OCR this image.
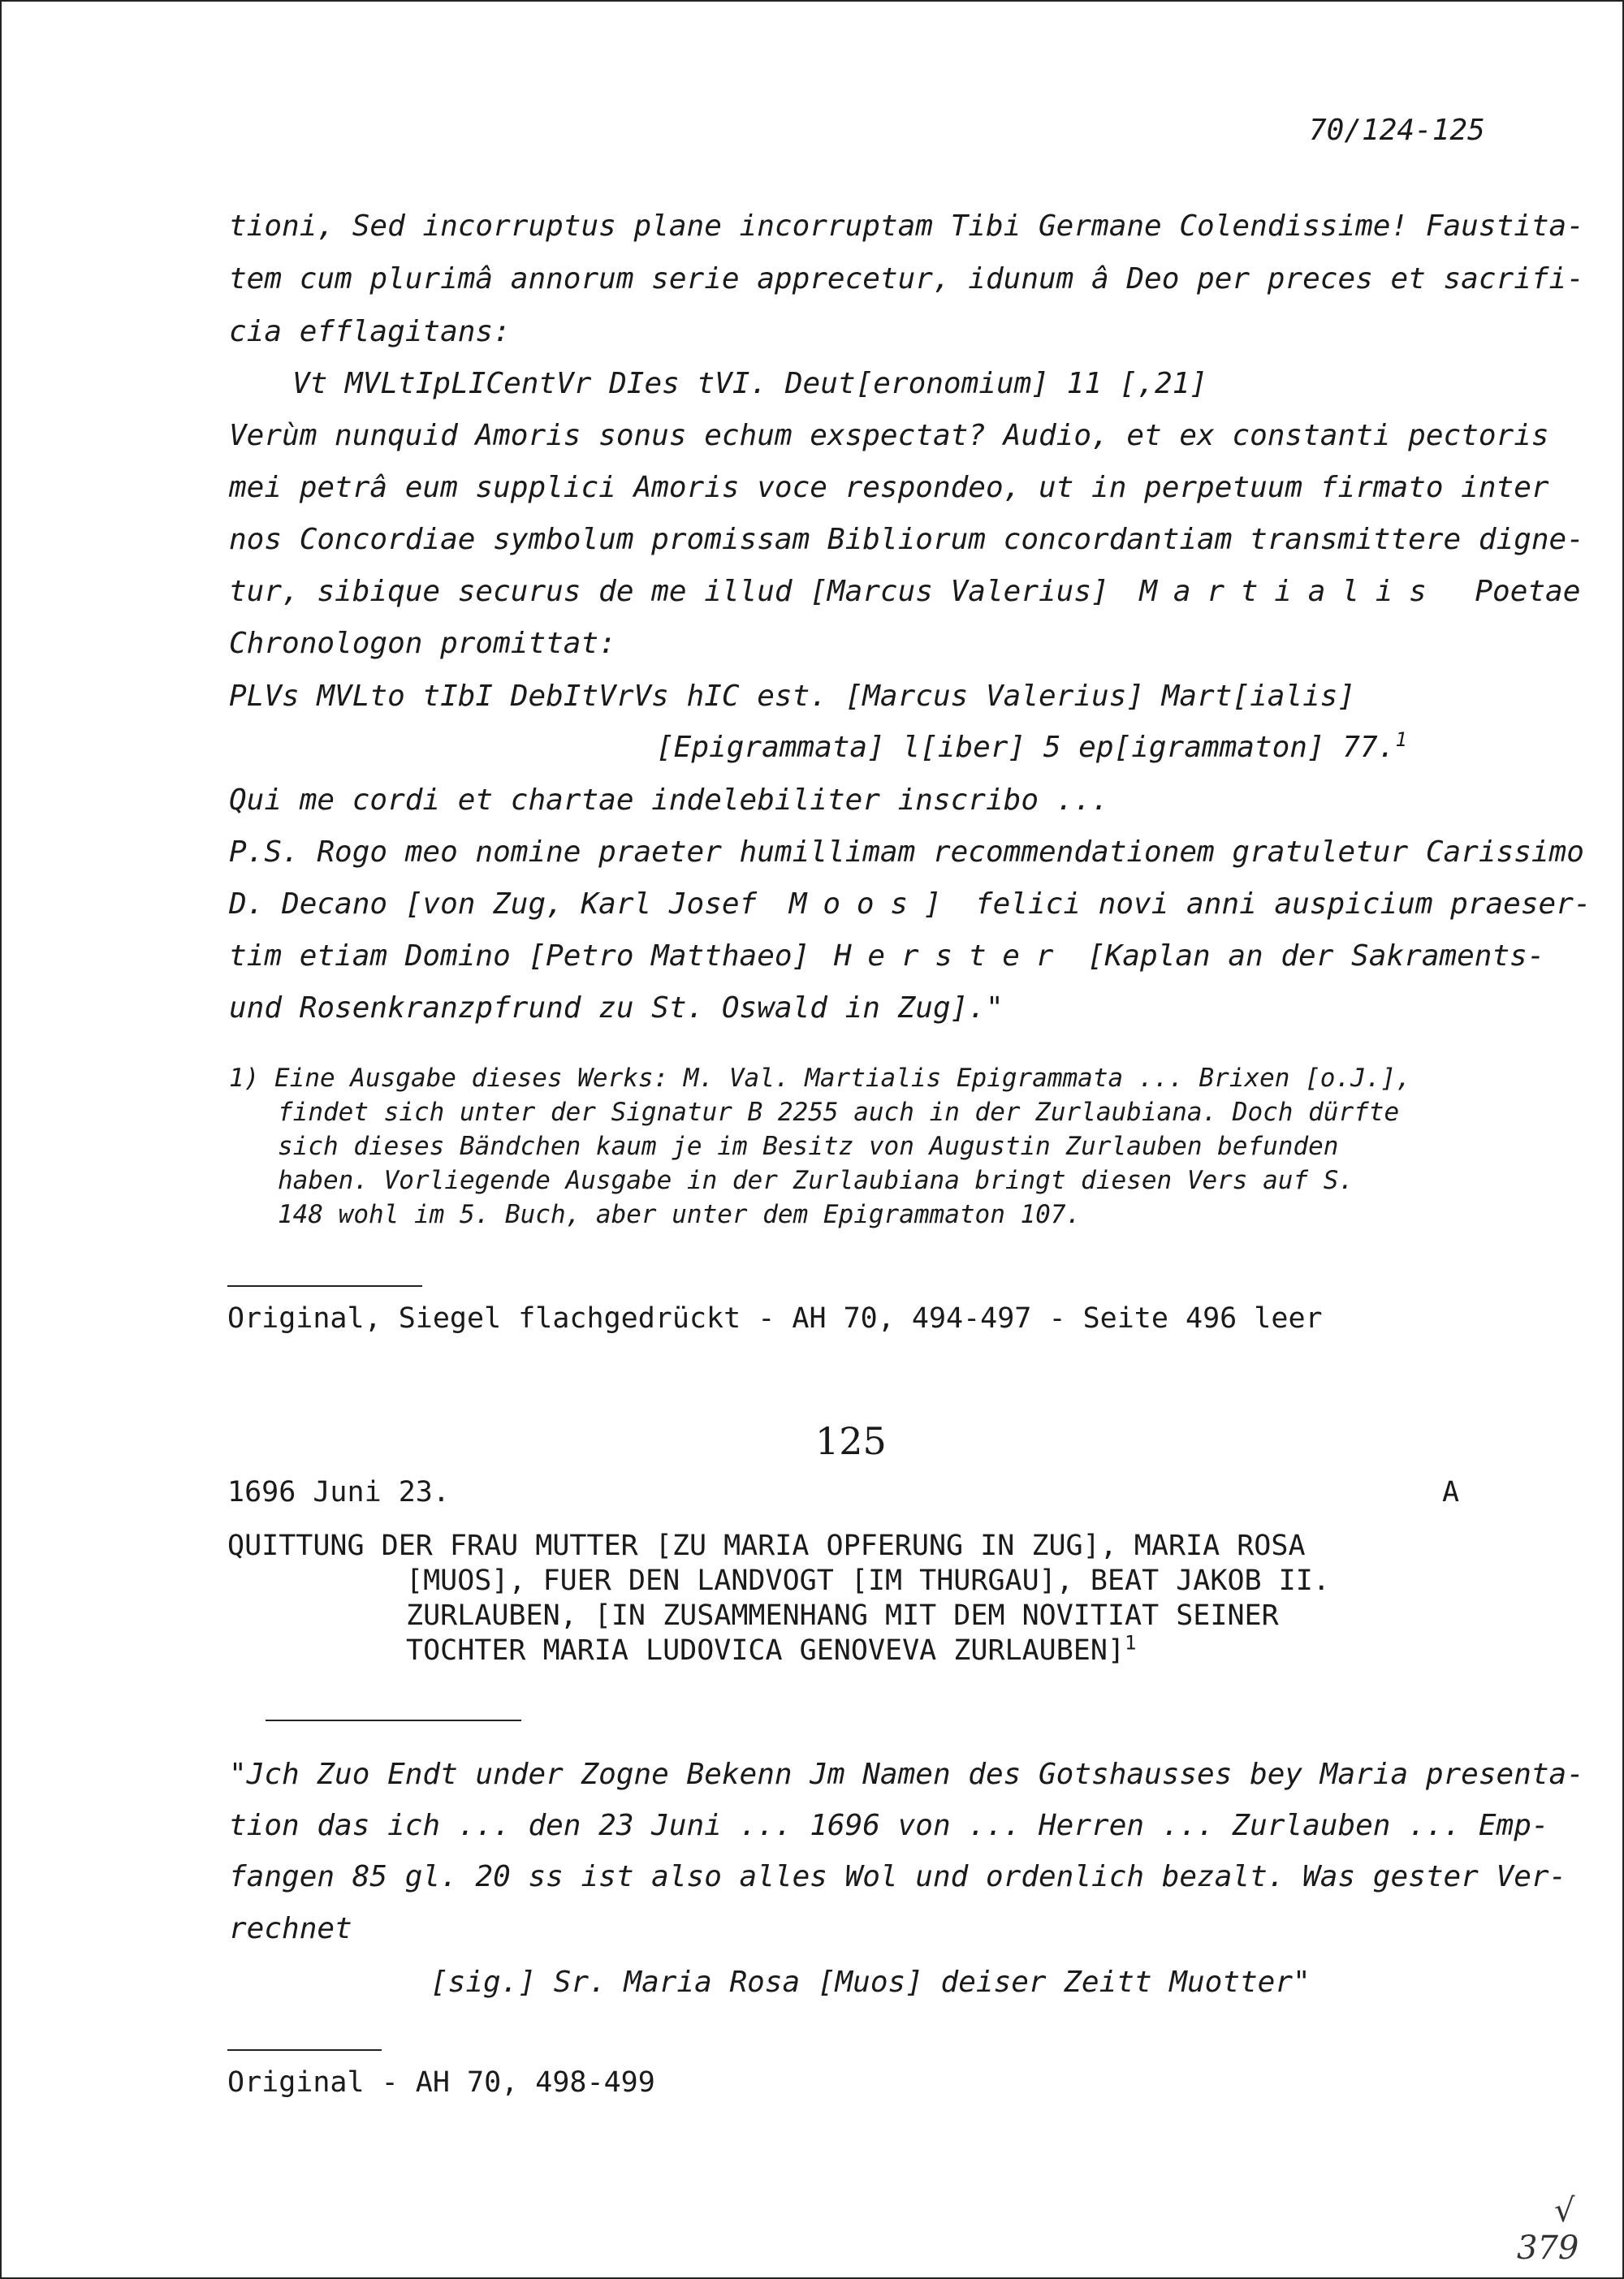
70/124-125
tioni, Sed incorruptus plane incorruptam Tibi Germane Colendissime! Faustita-
tem cum plurimâ annorum serie apprecetur, idunum â Deo per preces et sacrifi-
cia efflagitans:
Vt MVLtIpLICentVr DIes tVI. Deut[eronomium] 11 [,21]
Verùm nunquid Amoris sonus echum exspectat? Audio, et ex constanti pectoris
mei petrâ eum supplici Amoris voce respondeo, ut in perpetuum firmato inter
nos Concordiae symbolum promissam Bibliorum concordantiam transmittere digne-
tur, sibique securus de me illud [Marcus Valerius] Martialis Poetae
Chronologon promittat:
PLVs MVLto tIbI DebItVrVs hIC est. [Marcus Valerius] Mart[ialis]
[Epigrammata] l[iber] 5 ep[igrammaton] 77.$^1$
Qui me cordi et chartae indelebiliter inscribo ...
P.S. Rogo meo nomine praeter humillimam recommendationem gratuletur Carissimo
D. Decano [von Zug, Karl Josef Moos] felici novi anni auspicium praeser-
tim etiam Domino [Petro Matthaeo] Herster [Kaplan an der Sakraments-
und Rosenkranzpfrund zu St. Oswald in Zug]."
1) Eine Ausgabe dieses Werks: M. Val. Martialis Epigrammata ... Brixen [o.J.],
findet sich unter der Signatur B 2255 auch in der Zurlaubiana. Doch dürfte
sich dieses Bändchen kaum je im Besitz von Augustin Zurlauben befunden
haben. Vorliegende Ausgabe in der Zurlaubiana bringt diesen Vers auf S.
148 wohl im 5. Buch, aber unter dem Epigrammaton 107.
Original, Siegel flachgedrückt - AH 70, 494-497 - Seite 496 leer
125
1696 Juni 23.	A
QUITTUNG DER FRAU MUTTER [ZU MARIA OPFERUNG IN ZUG], MARIA ROSA
[MUOS], FUER DEN LANDVOGT [IM THURGAU], BEAT JAKOB II.
ZURLAUBEN, [IN ZUSAMMENHANG MIT DEM NOVITIAT SEINER
TOCHTER MARIA LUDOVICA GENOVEVA ZURLAUBEN]$^1$
"Jch Zuo Endt under Zogne Bekenn Jm Namen des Gotshausses bey Maria presenta-
tion das ich ... den 23 Juni ... 1696 von ... Herren ... Zurlauben ... Emp-
fangen 85 gl. 20 ss ist also alles Wol und ordenlich bezalt. Was gester Ver-
rechnet
[sig.] Sr. Maria Rosa [Muos] deiser Zeitt Muotter"
Original - AH 70, 498-499
√
379
